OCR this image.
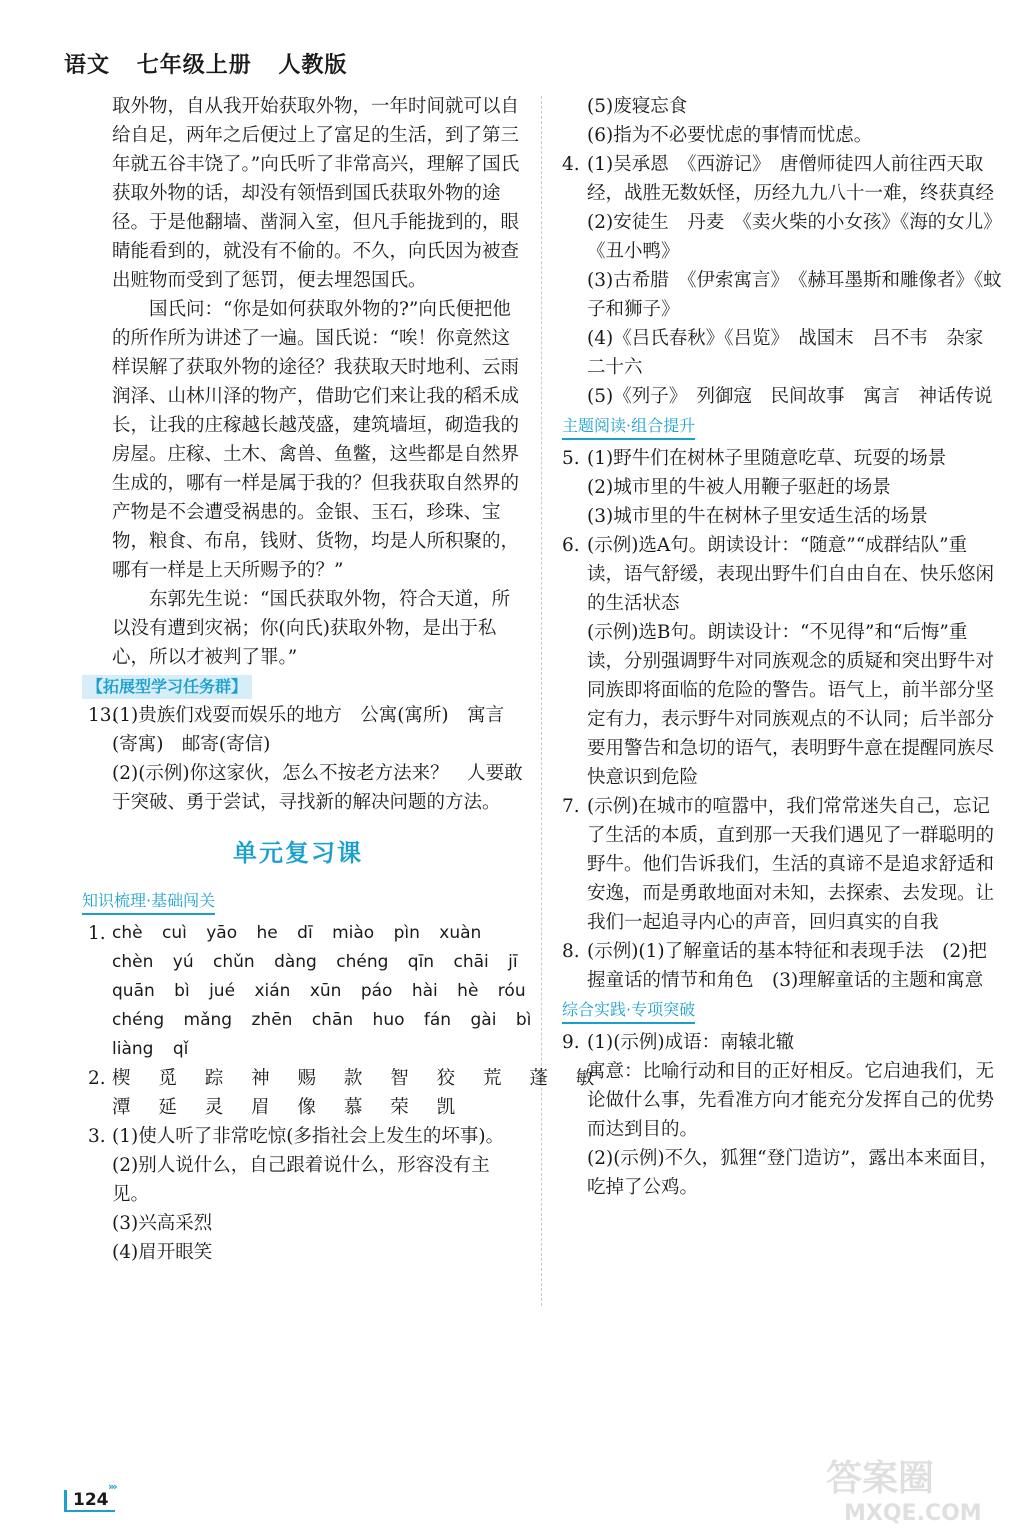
语文 七年级上册 人教版

取外物，自从我开始获取外物，一年时间就可以自给自足，两年之后便过上了富足的生活，到了第三年就五谷丰饶了。”向氏听了非常高兴，理解了国氏获取外物的话，却没有领悟到国氏获取外物的途径。于是他翻墙、凿洞入室，但凡手能拢到的，眼睛能看到的，就没有不偷的。不久，向氏因为被查出赃物而受到了惩罚，便去埋怨国氏。

国氏问：“你是如何获取外物的?”向氏便把他的所作所为讲述了一遍。国氏说：“唉！你竟然这样误解了获取外物的途径？我获取天时地利、云雨润泽、山林川泽的物产，借助它们来让我的稻禾成长，让我的庄稼越长越茂盛，建筑墙垣，砌造我的房屋。庄稼、土木、禽兽、鱼鳖，这些都是自然界生成的，哪有一样是属于我的？但我获取自然界的产物是不会遭受祸患的。金银、玉石，珍珠、宝物，粮食、布帛，钱财、货物，均是人所积聚的，哪有一样是上天所赐予的？”

东郭先生说：“国氏获取外物，符合天道，所以没有遭到灾祸；你(向氏)获取外物，是出于私心，所以才被判了罪。”

【拓展型学习任务群】
13.

(1)贵族们戏耍而娱乐的地方　公寓(寓所)　寓言(寄寓)　邮寄(寄信)

(2)(示例)你这家伙，怎么不按老方法来？　人要敢于突破、勇于尝试，寻找新的解决问题的方法。

单元复习课
知识梳理·基础闯关
1. chè cuì yāo he dī miào pìn xuàn

chèn yú chǔn dàng chéng qīn chāi jī

quān bì jué xián xūn páo hài hè róu

chéng mǎng zhēn chān huo fán gài bì

liàng qǐ

2. 楔 觅 踪 神 赐 款 智 狡 荒 蓬 敏

潭 延 灵 眉 像 慕 荣 凯

3. (1)使人听了非常吃惊(多指社会上发生的坏事)。

(2)别人说什么，自己跟着说什么，形容没有主见。

(3)兴高采烈

(4)眉开眼笑

(5)废寝忘食

(6)指为不必要忧虑的事情而忧虑。

4. (1)吴承恩　《西游记》　唐僧师徒四人前往西天取经，战胜无数妖怪，历经九九八十一难，终获真经

(2)安徒生　丹麦　《卖火柴的小女孩》《海的女儿》《丑小鸭》

(3)古希腊　《伊索寓言》　《赫耳墨斯和雕像者》《蚊子和狮子》

(4)《吕氏春秋》《吕览》　战国末　吕不韦　杂家　二十六

(5)《列子》　列御寇　民间故事　寓言　神话传说

主题阅读·组合提升
5. (1)野牛们在树林子里随意吃草、玩耍的场景

(2)城市里的牛被人用鞭子驱赶的场景

(3)城市里的牛在树林子里安适生活的场景

6. (示例)选A句。朗读设计：“随意”“成群结队”重读，语气舒缓，表现出野牛们自由自在、快乐悠闲的生活状态

(示例)选B句。朗读设计：“不见得”和“后悔”重读，分别强调野牛对同族观念的质疑和突出野牛对同族即将面临的危险的警告。语气上，前半部分坚定有力，表示野牛对同族观点的不认同；后半部分要用警告和急切的语气，表明野牛意在提醒同族尽快意识到危险

7. (示例)在城市的喧嚣中，我们常常迷失自己，忘记了生活的本质，直到那一天我们遇见了一群聪明的野牛。他们告诉我们，生活的真谛不是追求舒适和安逸，而是勇敢地面对未知，去探索、去发现。让我们一起追寻内心的声音，回归真实的自我

8. (示例)(1)了解童话的基本特征和表现手法　(2)把握童话的情节和角色　(3)理解童话的主题和寓意

综合实践·专项突破
9. (1)(示例)成语：南辕北辙

寓意：比喻行动和目的正好相反。它启迪我们，无论做什么事，先看准方向才能充分发挥自己的优势而达到目的。

(2)(示例)不久，狐狸“登门造访”，露出本来面目，吃掉了公鸡。

›››
124
答案圈
MXQE.COM
